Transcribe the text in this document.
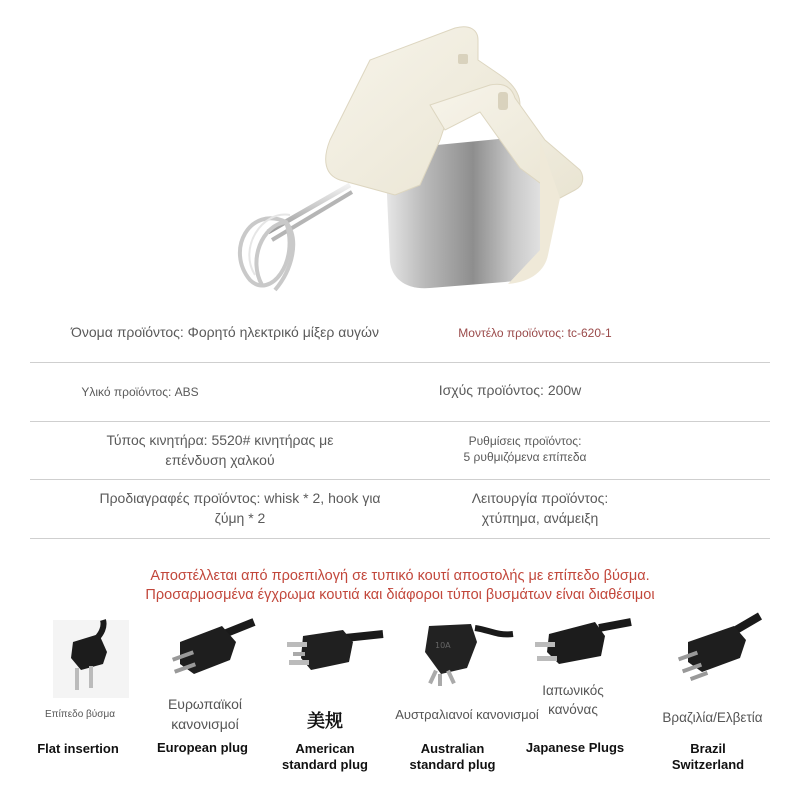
Όνομα προϊόντος: Φορητό ηλεκτρικό μίξερ αυγών	Μοντέλο προϊόντος: tc-620-1
Υλικό προϊόντος: ABS	Ισχύς προϊόντος: 200w
Τύπος κινητήρα: 5520# κινητήρας με
επένδυση χαλκού
Ρυθμίσεις προϊόντος:
5 ρυθμιζόμενα επίπεδα
Προδιαγραφές προϊόντος: whisk * 2, hook για
ζύμη * 2
Λειτουργία προϊόντος:
χτύπημα, ανάμειξη
Αποστέλλεται από προεπιλογή σε τυπικό κουτί αποστολής με επίπεδο βύσμα.
Προσαρμοσμένα έγχρωμα κουτιά και διάφοροι τύποι βυσμάτων είναι διαθέσιμοι
Επίπεδο βύσμα
Flat insertion
Ευρωπαϊκοί
κανονισμοί
European plug
美规
American
standard plug
10A
Αυστραλιανοί κανονισμοί
Australian
standard plug
Ιαπωνικός
κανόνας
Japanese Plugs
Βραζιλία/Ελβετία
Brazil
Switzerland
